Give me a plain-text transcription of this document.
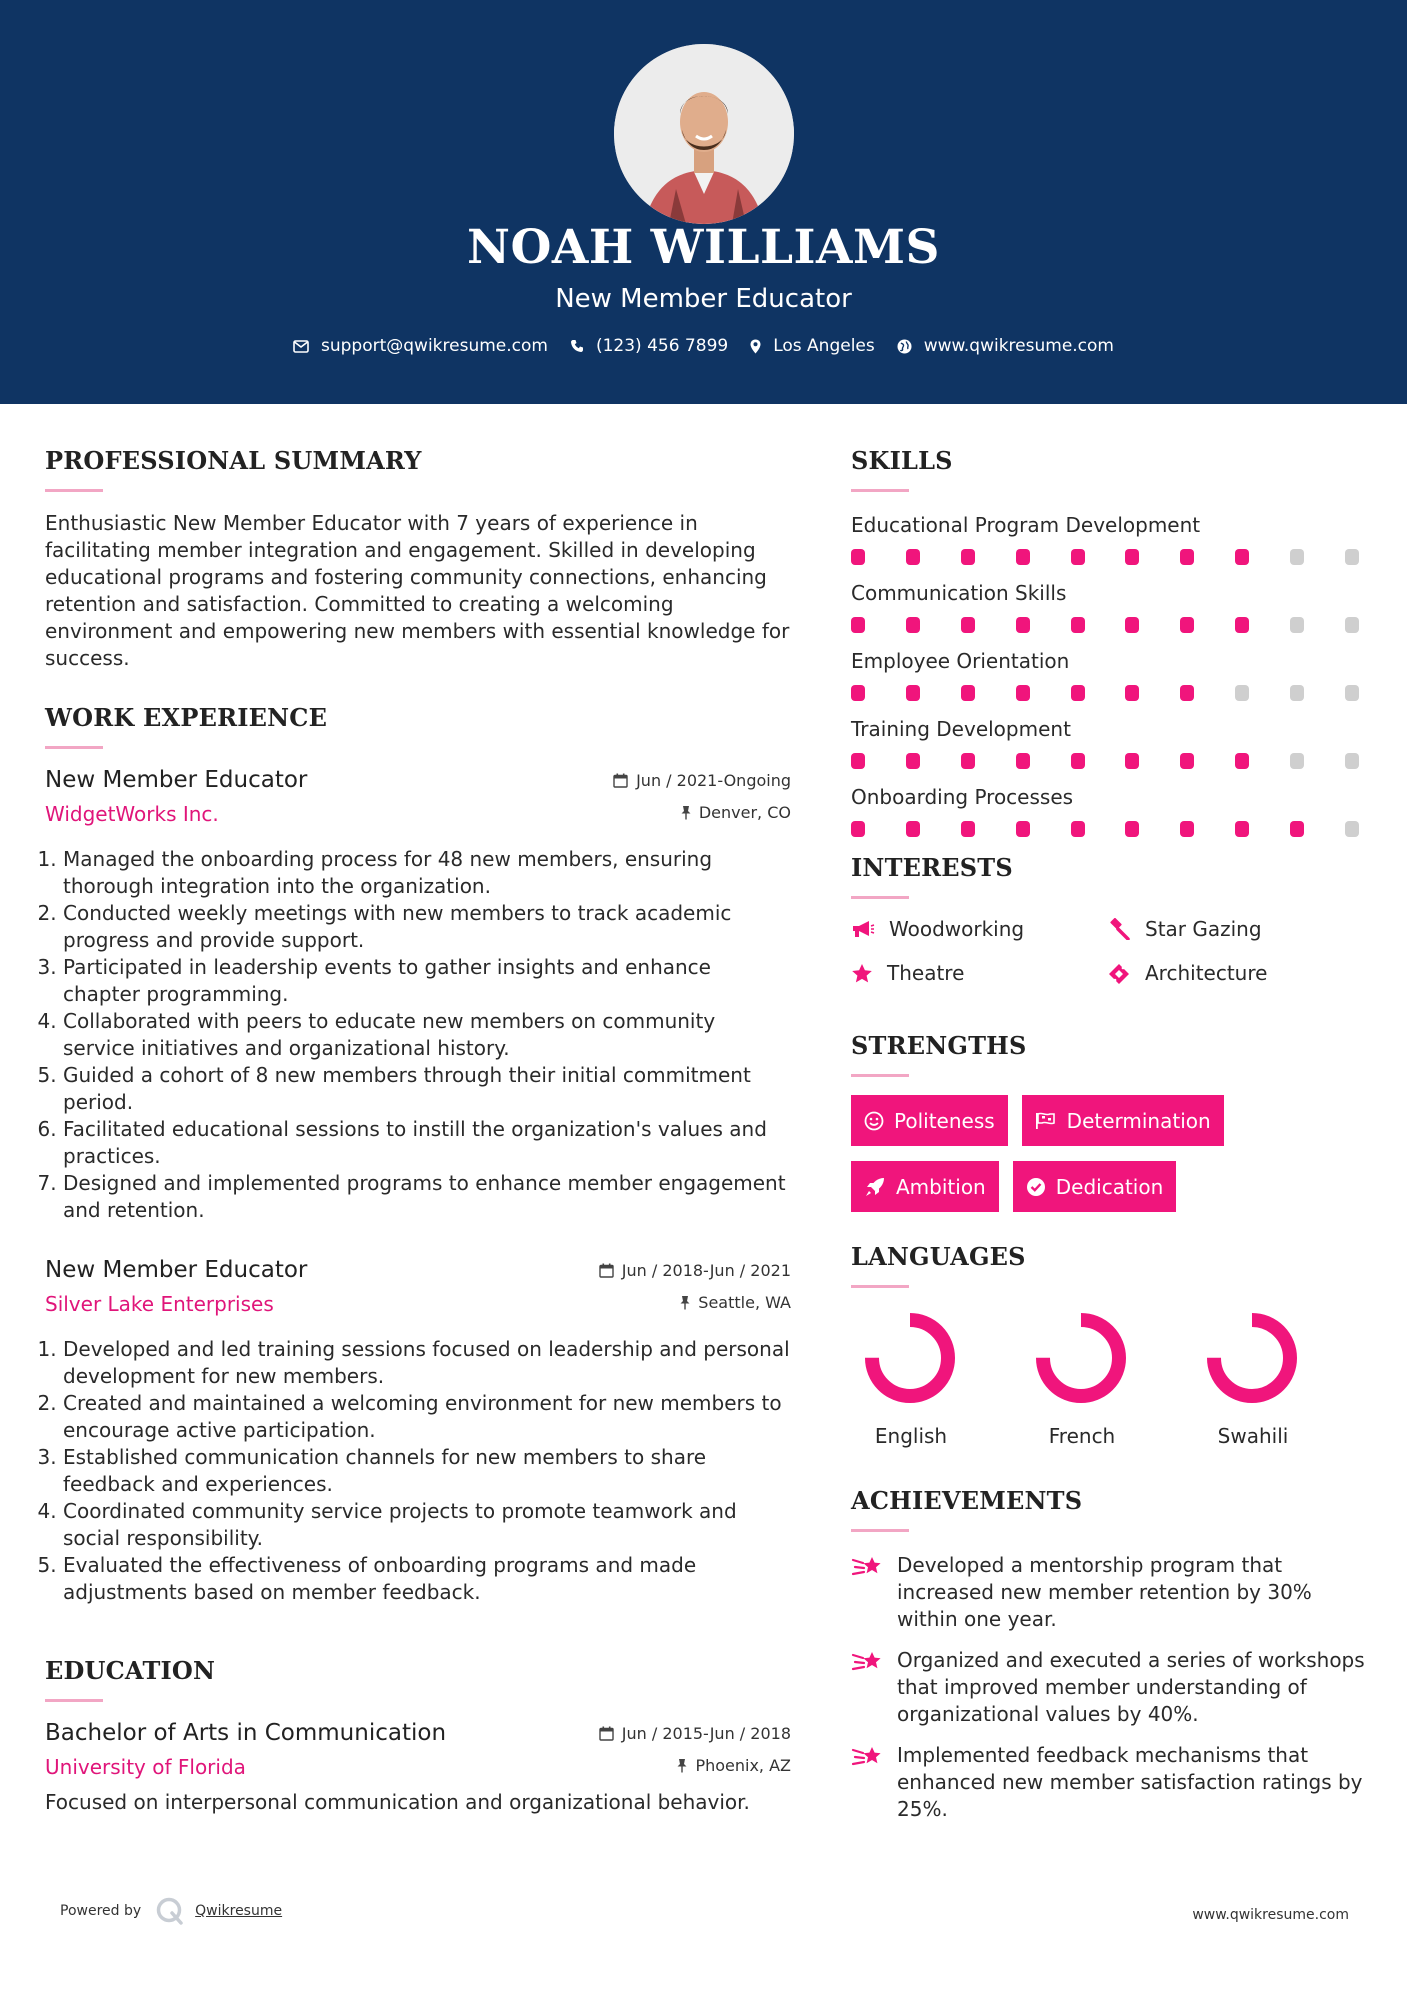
NOAH WILLIAMS
New Member Educator
support@qwikresume.com	(123) 456 7899	Los Angeles	www.qwikresume.com
PROFESSIONAL SUMMARY

Enthusiastic New Member Educator with 7 years of experience in facilitating member integration and engagement. Skilled in developing educational programs and fostering community connections, enhancing retention and satisfaction. Committed to creating a welcoming environment and empowering new members with essential knowledge for success.

WORK EXPERIENCE
New Member Educator
WidgetWorks Inc.
Jun / 2021-Ongoing
Denver, CO
1. Managed the onboarding process for 48 new members, ensuring thorough integration into the organization.
2. Conducted weekly meetings with new members to track academic progress and provide support.
3. Participated in leadership events to gather insights and enhance chapter programming.
4. Collaborated with peers to educate new members on community service initiatives and organizational history.
5. Guided a cohort of 8 new members through their initial commitment period.
6. Facilitated educational sessions to instill the organization's values and practices.
7. Designed and implemented programs to enhance member engagement and retention.
New Member Educator
Silver Lake Enterprises
Jun / 2018-Jun / 2021
Seattle, WA
1. Developed and led training sessions focused on leadership and personal development for new members.
2. Created and maintained a welcoming environment for new members to encourage active participation.
3. Established communication channels for new members to share feedback and experiences.
4. Coordinated community service projects to promote teamwork and social responsibility.
5. Evaluated the effectiveness of onboarding programs and made adjustments based on member feedback.
EDUCATION
Bachelor of Arts in Communication
University of Florida
Jun / 2015-Jun / 2018
Phoenix, AZ

Focused on interpersonal communication and organizational behavior.

SKILLS
Educational Program Development
Communication Skills
Employee Orientation
Training Development
Onboarding Processes
INTERESTS
Woodworking	Star Gazing
Theatre	Architecture
STRENGTHS
Politeness	Determination
Ambition	Dedication
LANGUAGES
English	French	Swahili
ACHIEVEMENTS
Developed a mentorship program that increased new member retention by 30% within one year.
Organized and executed a series of workshops that improved member understanding of organizational values by 40%.
Implemented feedback mechanisms that enhanced new member satisfaction ratings by 25%.
Powered by	Qwikresume	www.qwikresume.com
